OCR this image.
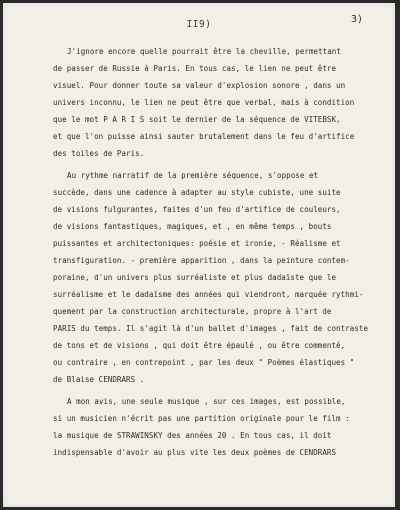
II9)	3)
J'ignore encore quelle pourrait être la cheville, permettant
de passer de Russie à Paris. En tous cas, le lien ne peut être
visuel. Pour donner toute sa valeur d'explosion sonore , dans un
univers inconnu, le lien ne peut être que verbal, mais à condition
que le mot P A R I S soit le dernier de la séquence de VITEBSK,
et que l'on puisse ainsi sauter brutalement dans le feu d'artifice
des toiles de Paris.
Au rythme narratif de la première séquence, s'oppose et
succède, dans une cadence à adapter au style cubiste, une suite
de visions fulgurantes, faites d'un feu d'artifice de couleurs,
de visions fantastiques, magiques, et , en même temps , bouts
puissantes et architectoniques: poésie et ironie, - Réalisme et
transfiguration. - première apparition , dans la peinture contem-
poraine, d'un univers plus surréaliste et plus dadaïste que le
surréalisme et le dadaïsme des années qui viendront, marquée rythmi-
quement par la construction architecturale, propre à l'art de
PARIS du temps. Il s'agit là d'un ballet d'images , fait de contraste
de tons et de visions , qui doit être épaulé , ou être commenté,
ou contraire , en contrepoint , par les deux " Poèmes élastiques "
de Blaise CENDRARS .
A mon avis, une seule musique , sur ces images, est possible,
si un musicien n'écrit pas une partition originale pour le film :
la musique de STRAWINSKY des années 20 . En tous cas, il doit
indispensable d'avoir au plus vite les deux poèmes de CENDRARS
